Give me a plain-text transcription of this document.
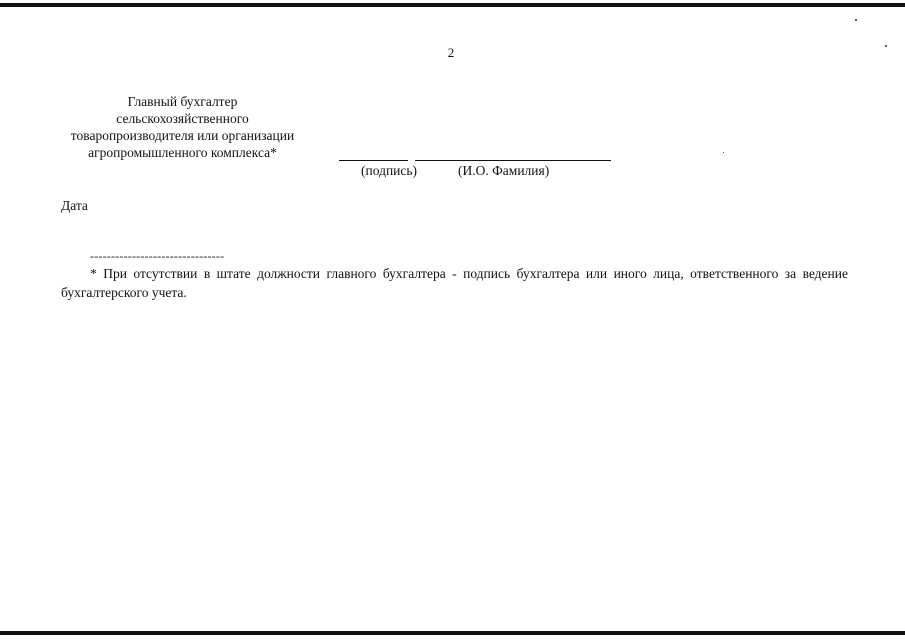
2
Главный бухгалтер
сельскохозяйственного
товаропроизводителя или организации
агропромышленного комплекса*
(подпись)	(И.О. Фамилия)
Дата
--------------------------------
* При отсутствии в штате должности главного бухгалтера - подпись бухгалтера или иного лица, ответственного за ведение бухгалтерского учета.
